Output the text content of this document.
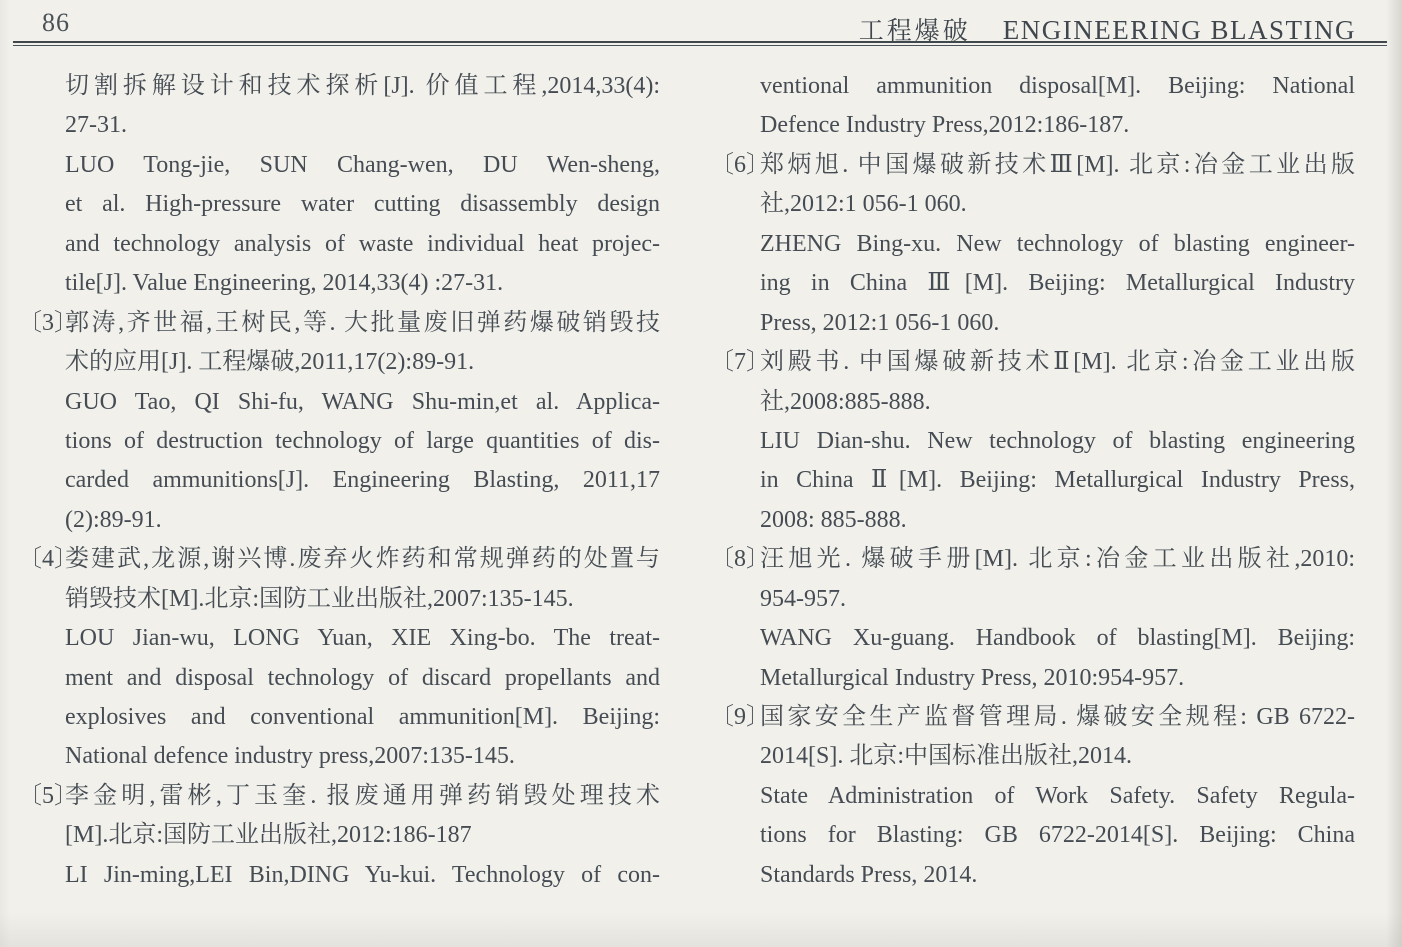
86	工程爆破 ENGINEERING BLASTING
切割拆解设计和技术探析[J]. 价值工程,2014,33(4):
27-31.
LUO Tong-jie, SUN Chang-wen, DU Wen-sheng,
et al. High-pressure water cutting disassembly design
and technology analysis of waste individual heat projec-
tile[J]. Value Engineering, 2014,33(4) :27-31.
〔3〕
郭涛,齐世福,王树民,等. 大批量废旧弹药爆破销毁技
术的应用[J]. 工程爆破,2011,17(2):89-91.
GUO Tao, QI Shi-fu, WANG Shu-min,et al. Applica-
tions of destruction technology of large quantities of dis-
carded ammunitions[J]. Engineering Blasting, 2011,17
(2):89-91.
〔4〕
娄建武,龙源,谢兴博.废弃火炸药和常规弹药的处置与
销毁技术[M].北京:国防工业出版社,2007:135-145.
LOU Jian-wu, LONG Yuan, XIE Xing-bo. The treat-
ment and disposal technology of discard propellants and
explosives and conventional ammunition[M]. Beijing:
National defence industry press,2007:135-145.
〔5〕
李金明,雷彬,丁玉奎. 报废通用弹药销毁处理技术
[M].北京:国防工业出版社,2012:186-187
LI Jin-ming,LEI Bin,DING Yu-kui. Technology of con-
ventional ammunition disposal[M]. Beijing: National
Defence Industry Press,2012:186-187.
〔6〕
郑炳旭. 中国爆破新技术Ⅲ[M]. 北京:冶金工业出版
社,2012:1 056-1 060.
ZHENG Bing-xu. New technology of blasting engineer-
ing in China Ⅲ[M]. Beijing: Metallurgical Industry
Press, 2012:1 056-1 060.
〔7〕
刘殿书. 中国爆破新技术Ⅱ[M]. 北京:冶金工业出版
社,2008:885-888.
LIU Dian-shu. New technology of blasting engineering
in China Ⅱ[M]. Beijing: Metallurgical Industry Press,
2008: 885-888.
〔8〕
汪旭光. 爆破手册[M]. 北京:冶金工业出版社,2010:
954-957.
WANG Xu-guang. Handbook of blasting[M]. Beijing:
Metallurgical Industry Press, 2010:954-957.
〔9〕
国家安全生产监督管理局. 爆破安全规程: GB 6722-
2014[S]. 北京:中国标准出版社,2014.
State Administration of Work Safety. Safety Regula-
tions for Blasting: GB 6722-2014[S]. Beijing: China
Standards Press, 2014.
